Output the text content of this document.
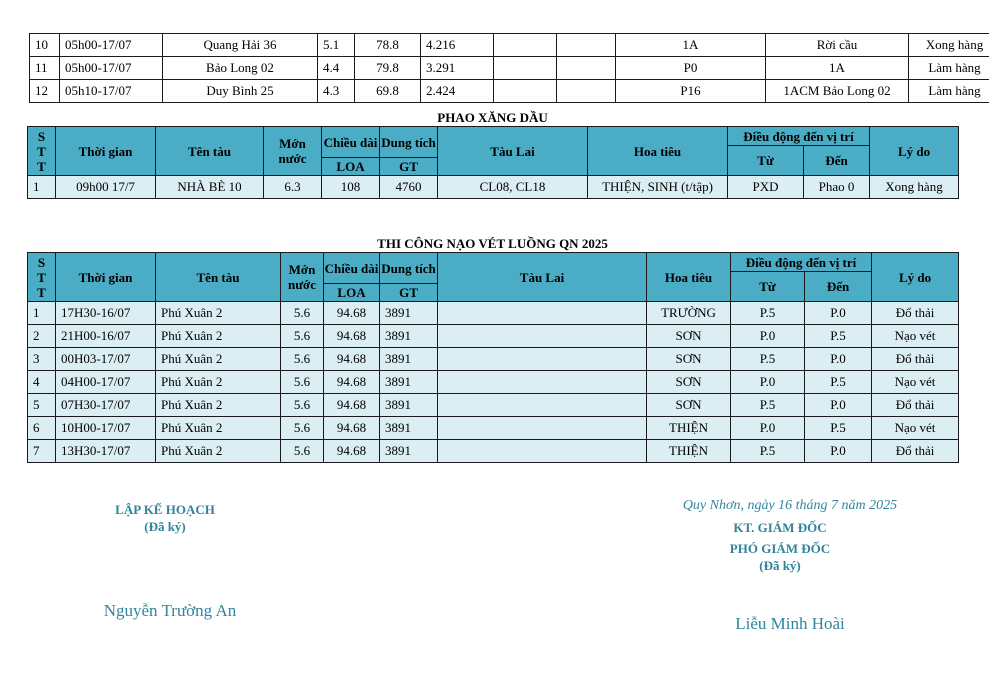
10	05h00-17/07	Quang Hải 36	5.1	78.8	4.216			1A	Rời cầu	Xong hàng
11	05h00-17/07	Bảo Long 02	4.4	79.8	3.291			P0	1A	Làm hàng
12	05h10-17/07	Duy Bình 25	4.3	69.8	2.424			P16	1ACM Bảo Long 02	Làm hàng
PHAO XĂNG DẦU
S T T	Thời gian	Tên tàu	Mớn nước	Chiều dài	Dung tích	Tàu Lai	Hoa tiêu	Điều động đến vị trí		Lý do
								Từ	Đến	
				LOA	GT					
1	09h00 17/7	NHÀ BÈ 10	6.3	108	4760	CL08, CL18	THIỆN, SINH (t/tập)	PXD	Phao 0	Xong hàng
THI CÔNG NẠO VÉT LUỒNG QN 2025
S T T	Thời gian	Tên tàu	Mớn nước	Chiều dài	Dung tích	Tàu Lai	Hoa tiêu	Điều động đến vị trí		Lý do
								Từ	Đến	
				LOA	GT					
1	17H30-16/07	Phú Xuân 2	5.6	94.68	3891		TRƯỜNG	P.5	P.0	Đổ thải
2	21H00-16/07	Phú Xuân 2	5.6	94.68	3891		SƠN	P.0	P.5	Nạo vét
3	00H03-17/07	Phú Xuân 2	5.6	94.68	3891		SƠN	P.5	P.0	Đổ thải
4	04H00-17/07	Phú Xuân 2	5.6	94.68	3891		SƠN	P.0	P.5	Nạo vét
5	07H30-17/07	Phú Xuân 2	5.6	94.68	3891		SƠN	P.5	P.0	Đổ thải
6	10H00-17/07	Phú Xuân 2	5.6	94.68	3891		THIỆN	P.0	P.5	Nạo vét
7	13H30-17/07	Phú Xuân 2	5.6	94.68	3891		THIỆN	P.5	P.0	Đổ thải
LẬP KẾ HOẠCH
(Đã ký)
Nguyễn Trường An
Quy Nhơn, ngày 16 tháng 7 năm 2025
KT. GIÁM ĐỐC
PHÓ GIÁM ĐỐC
(Đã ký)
Liễu Minh Hoài
